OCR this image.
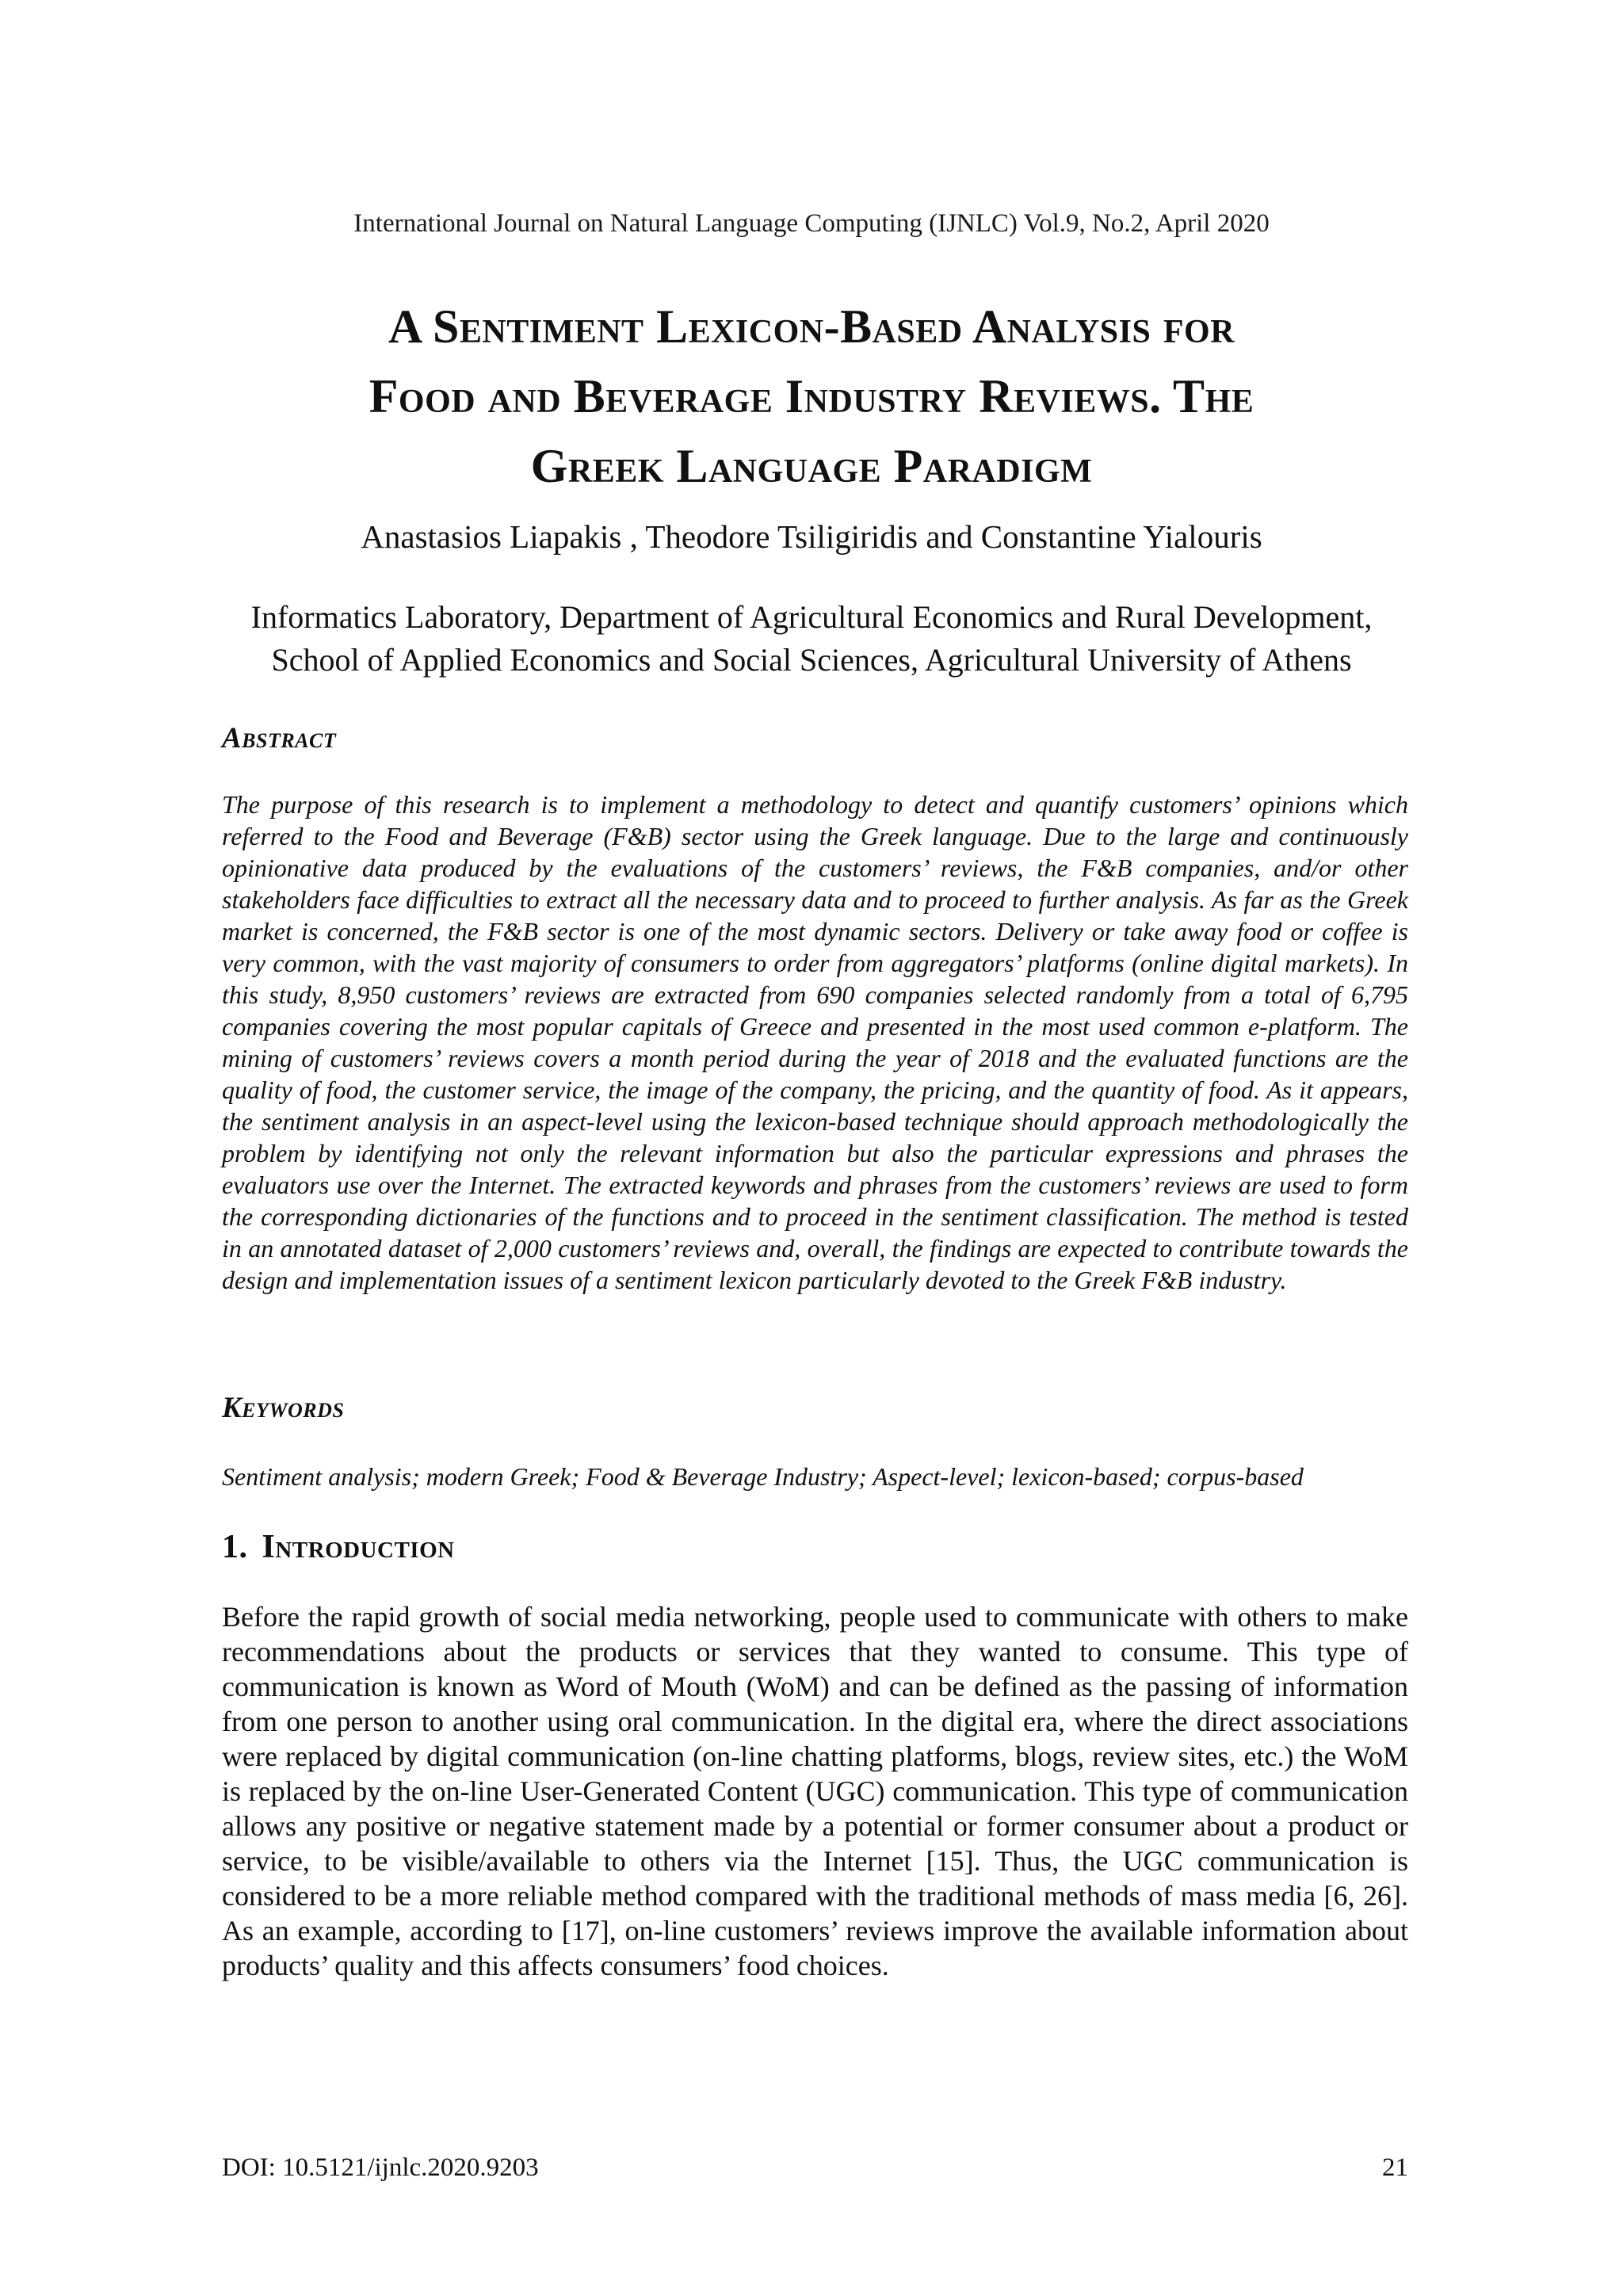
International Journal on Natural Language Computing (IJNLC) Vol.9, No.2, April 2020
A Sentiment Lexicon-Based Analysis for
Food and Beverage Industry Reviews. The
Greek Language Paradigm
Anastasios Liapakis , Theodore Tsiligiridis and Constantine Yialouris
Informatics Laboratory, Department of Agricultural Economics and Rural Development,
School of Applied Economics and Social Sciences, Agricultural University of Athens
Abstract
The purpose of this research is to implement a methodology to detect and quantify customers’ opinions which referred to the Food and Beverage (F&B) sector using the Greek language. Due to the large and continuously opinionative data produced by the evaluations of the customers’ reviews, the F&B companies, and/or other stakeholders face difficulties to extract all the necessary data and to proceed to further analysis. As far as the Greek market is concerned, the F&B sector is one of the most dynamic sectors. Delivery or take away food or coffee is very common, with the vast majority of consumers to order from aggregators’ platforms (online digital markets). In this study, 8,950 customers’ reviews are extracted from 690 companies selected randomly from a total of 6,795 companies covering the most popular capitals of Greece and presented in the most used common e-platform. The mining of customers’ reviews covers a month period during the year of 2018 and the evaluated functions are the quality of food, the customer service, the image of the company, the pricing, and the quantity of food. As it appears, the sentiment analysis in an aspect-level using the lexicon-based technique should approach methodologically the problem by identifying not only the relevant information but also the particular expressions and phrases the evaluators use over the Internet. The extracted keywords and phrases from the customers’ reviews are used to form the corresponding dictionaries of the functions and to proceed in the sentiment classification. The method is tested in an annotated dataset of 2,000 customers’ reviews and, overall, the findings are expected to contribute towards the design and implementation issues of a sentiment lexicon particularly devoted to the Greek F&B industry.
Keywords
Sentiment analysis; modern Greek; Food & Beverage Industry; Aspect-level; lexicon-based; corpus-based
1. Introduction
Before the rapid growth of social media networking, people used to communicate with others to make recommendations about the products or services that they wanted to consume. This type of communication is known as Word of Mouth (WoM) and can be defined as the passing of information from one person to another using oral communication. In the digital era, where the direct associations were replaced by digital communication (on-line chatting platforms, blogs, review sites, etc.) the WoM is replaced by the on-line User-Generated Content (UGC) communication. This type of communication allows any positive or negative statement made by a potential or former consumer about a product or service, to be visible/available to others via the Internet [15]. Thus, the UGC communication is considered to be a more reliable method compared with the traditional methods of mass media [6, 26]. As an example, according to [17], on-line customers’ reviews improve the available information about products’ quality and this affects consumers’ food choices.
DOI: 10.5121/ijnlc.2020.9203	21
